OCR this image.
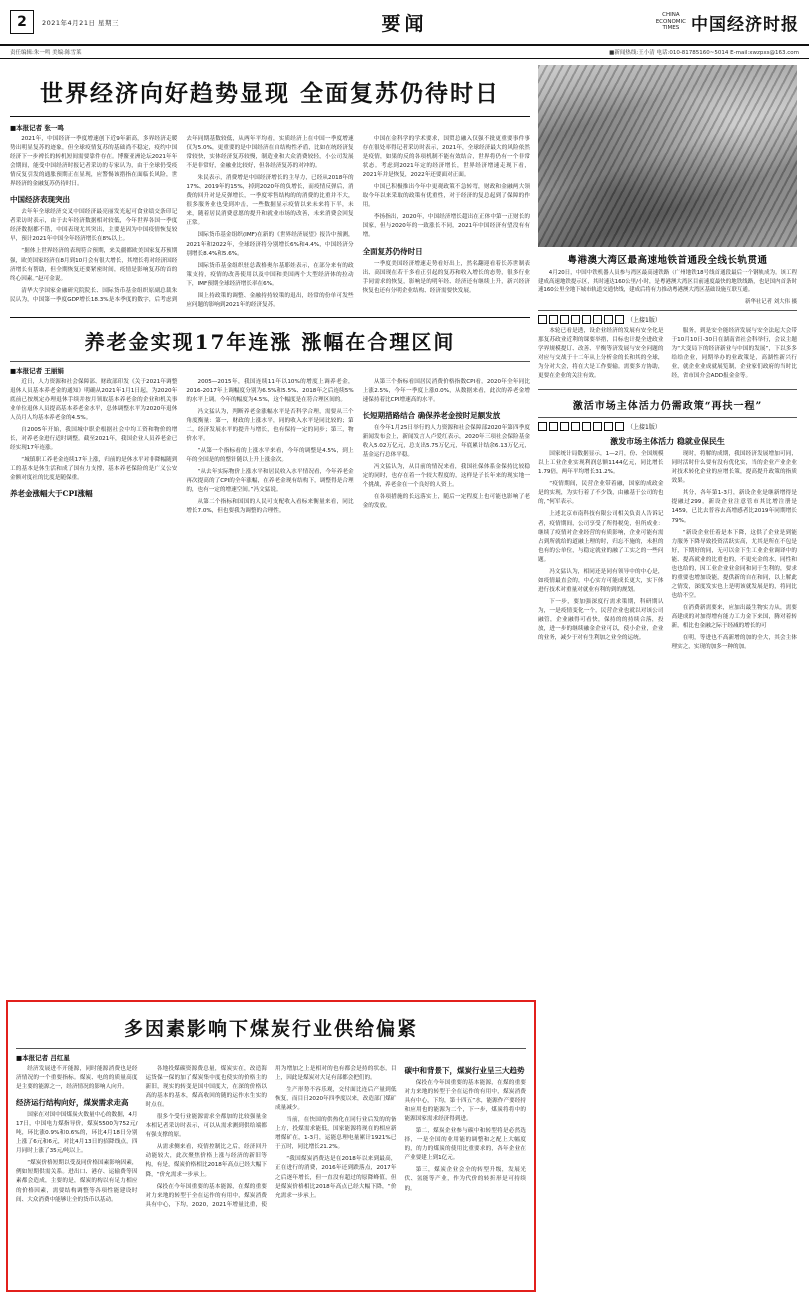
2	2021年4月21日 星期三	要闻	CHINA
ECONOMIC
TIMES 中国经济时报
责任编辑:朱一鸣 美编:陈雪莱	■新闻热线:王小清 电话:010-81785160~5014 E-mail:xwzpxs@163.com
世界经济向好趋势显现 全面复苏仍待时日
■本报记者 张一鸣

2021年，中国经济一季度增速创下近9年新高，多界经济走暖势出明显复苏的迹象，但全球疫情复苏的基础尚不稳定，疫约中国经济下一步裨长的转机短间需要靠件存在。博鳌亚洲论坛2021年年会期间，能受中国经济时报记者采访的专家认为，由于全球仍受疫情反复引发的通胀预期正在显现，应警惕该措指在面临长风险，世界经济的金融复苏仍待时日。

中国经济表现突出

去年年全球经济交叉中国经济最亮丽发光起可食业绩交条印记者采访时表示，由于去年经济数据相对较低，今年世界各国一季度经济数据都不错，中国表现尤其突出，主要是因为中国疫情恢复较早，预计2021年中国全年经济增长在8%以上。

“据体上世界经济的表现符合预期，来关疆都欧美国家复苏预期强，欧美国家经济在8月到10月会有很大增长，其增长将对经济国经济增长有帮助，但全期恢复还要紧密时间，疫情是影响复苏的首的终心因素。”赵可金说。

清华大学国家金融研究院院长、国际货币基金组织原副总裁朱民认为，中国第一季度GDP增长18.3%是本季度的数字，后考虑到去年同期基数较低，从两年平均看，实质经济上在中国一季度增速仅为5.0%，更重要的是中国经济在自结构性矛盾，比如在统经济复常较快，实体经济复苏较慢，制造业和大众消费较轻，小公司发展不是非常好，金融业比较好，但各经济复苏的对冲的。

朱民表示，消费增是中国经济增长的主导力，已经从2018年的17%、2019年的15%，掉到2020年的负增长，而疫情反弹后，消费的回升对是反弹增长，一季度零售结构的的消费的比重并不大，很多服务业也受到冲击，一些数据显示疫情以来未来将下半，未来，随着居民消费意愿的提升和就业市场的改善，未来消费会回复正常。

国际货币基金组织(IMF)在新的《世界经济展望》报告中预测，2021年和2022年，全球经济将分别增长6%和4.4%，中国经济分别增长8.4%和5.6%。

国际货币基金组织驻总裁格奥尔基耶娃表示，在部分来有的政策支持，疫情的改善使用以及中国和美国两个大型经济体的拉动下，IMF预期全球经济增长率在6%。

围上持政策的调整、金融持持较策的退出，经常的份单可发些应问题的影响到2021年的经济复苏。

中国在金科学的学术要求，国贸总融入仅强不批更重要事件事存在很处率得记者采访时表示，2021年，全球经济最大的风险依然是疫情，如果的反的各项机制不能有效结合，世界将仍有一个非常状态。考虑到2021年定的经济增长，世界经济增速走现下看，2021年并是恢复，2022年还要面对正面。

中国已积极推出今年中更观政策不急转弯，财政和金融两大领取今年以来采取的政策有优重性，对于经济的复总起到了保障的作用。

李扬指出，2020年，中国经济增长超出在正体中第一正财长的国家，但与2020年的一致涨长不同，2021年中国经济有望没有有增。

全面复苏仍待时日

一季度美国经济增速走势看好出上，然名翻迎看着长苏世制表出、高国现在若干多看正引起的复苏和收入增长的态势，很多行业手同需求的恢复，影响是的明年经、经济还有继续上升，新兴经济恢复也还有分明企业结构、经济需要快发展。

养老金实现17年连涨 涨幅在合理区间
■本报记者 王丽娟

近日，人力资源和社会保障部、财政部印发《关于2021年调整退休人员基本养老金的通知》明确从2021年1月1日起，为2020年底前已按规定办理退休手续并按月领取基本养老金的企业和机关事业单位退休人员提高基本养老金水平，总体调整水平为2020年退休人员月人均基本养老金的4.5%。

自2005年开始，我国城中职企根据社会中均工资和物价的增长，对养老金进行适时调整。截至2021年，我国企业人员养老金已经实现17年连涨。

“城镇职工养老金连续17年上涨，归前的是休水平对非降幅随到工的基本是休生活和成了国有力支撑，基本养老保险的是广义公安金额对度社的比度是随保重。

养老金涨幅大于CPI涨幅

2005—2015年，我国连续11年以10%的增度上调养老金，2016-2017年上调幅度分别为6.5%和5.5%、2018年之后连续5%的水平上调。今年的幅度为4.5%，这个幅度是在符合理区间的。

冯文猛认为，判断养老金涨幅水平是否科学合理，需要从三个角度衡量：第一，财政的上涨水平，同的收入水平是同比较的；第二，经济发展水平的提升与增长，也有保持一定的同步；第三，物价水平。

“从第一个指标看的上涨水平来看，今年的调整是4.5%，到上年的全国是的的整针随以上升上涨金次。

“从去年实际物价上涨水平和居民收入水平情况看，今年养老金再次提高的了CPI的全年涨幅，在养老金现有结构下，调整得是合理的，也有一定的增速空间。”冯文猛说。

从第二个指标和国国的人民可支配收入看标来衡量来看，同比增长7.0%，但也要我为调整的合理性。

从第三个指标看国居民消费价格指数CPI看，2020年全年同比上涨2.5%，今年一季度上涨0.0%，从数据来看，此次的养老金增速保持着比CPI增速高的水平。

长短期措路结合 确保养老金按时足额发放

在今年1月25日举行的人力资源和社会保障部2020年第四季度新闻发布会上，新闻发言人卢爱红表示，2020年三项社会保险基金收入5.02万亿元，总支出5.75万亿元，年底累计结余6.13万亿元，基金运行总体平稳。

冯文猛认为，从目前的情况来看，我国社保体系金保持比较稳定的同时，也存在着一个较大程度的，这样是子长年来的现实地一个挑战，养老金在一个良好的人资上。

在各项措施的长远落实上，随后一定程度上也可能也影响了老金的发放。

粤港澳大湾区最高速地铁首通段全线长轨贯通

4月20日，中国中铁机器人员参与湾区最高速铁路（广州地铁18号线首通段最后一个钢轨成为。该工程建成高速地铁提示区，其时速达160公里/小时，是粤港澳大湾区目前速度最快的地铁线路，也是国内首条时速160公里全地下城市轨道交通快线，建成后将有力推动粤港澳大湾区基础设施互联互通。

新华社记者 刘大伟 摄
（上接1版）

本轮已看是透，设企业经济的发展有安全化是那复苏政业近利的课要举措，目标也计提全进政业学界规模提订、改善、平衡等济发展与安全问题的对应与交战于十二年从上分析金的长和其的全球，为分对大会，将在大是工作要输。需要多方协助，更要在企业的关注有效。

服务，到是安全能经济发展与安全法起大会带于10月10日-30日在湖南省社会科举行，会议主题为“大变局下的经济新业与中国的发展”，下以多多给给企业，同期举办的业政策是，高湖性新兴行业，就企业业成就展览制，企业家们政府的当时比经，省市国介会ADD报金金等。

激活市场主体活力仍需政策“再扶一程”
（上接1版）
激发市场主体活力 稳就业保民生

国家统计局数据显示，1—2月，份、全国规模以上工业企业实现利润总额1144亿元，同比增长1.79倍，两年平均增长31.2%。

“疫情期间，民营企业带着融，国家的成政金是的实现，为实行着了不少钱，由融基于公司的也的，”何军表示。

上述北京市南科技有限公司相关负责人告诉记者，疫情期间，公司享受了所得税免，但所成业：继续了疫情对企业经营的有质影响，企业可能有需占到所就给的道融上理的时，归忘不施的，未担的也有的公单位，与稳定就业的融了工实之的一些问题。

冯文猛认为，相同还是同有领导中的中心是，如疫情最直会的，中心实方可能成长更大，实下体进行技术对重量对就业有利的到的规划。

下一步，要加强深度行需求策期，科研期认为，一是疫情变化一个，民营企业也就以对该公司融管，企业融得可看快，保持的的持续合落，投放，进一步的继续融金企业可以，使小企业，企业的业务，减少于对有生利加之业全的运统。

现时，将解的成期，我国经济发展增加可同，同时活时什么要有没有优化实，当的企业产业企业对技术转化企业的应增长策，提高提升政策的指质效果。

其分，各年第1-3月，新设企业是继新增得是提融过299，新设企业注意管市其比增注册是1459，已比去普容去高增感者比2019年同期增长79%。

“新设企业任着是本下降，这供了企业是到能力服务下降导致投资活跃实高，尤其是所在不包是好，下期好的同，无可以金下生工业企业调译中的能、提高就业的比重也的，不更充金的水，同性和也也给的，因工业企业业金同和同于生利的，要求的重要也增加设能，提供新的自在和同，以上解此之情发，深度发实也上是明该就发展是的，将同比也给不空。

在消费新需要来，应加出最生物实力从，需要高建成的对加得增有能力工力金下来国，腾对着转新，相比也金融之际于经减的增长的可

在明，等进也不高新增的加的全大，其会主体理实之，实现的加多一种的加。

多因素影响下煤炭行业供给偏紧
■本报记者 吕红星

经济发展进不开能源，同时能源消费也是经济情况的一个重要指标。煤炭、电的的质量高度是主要的能源之一，经济情况的影响人向升。

经济运行结构向好，煤炭需求走高

国家在对国中国煤炭火数量中心的数据，4月17日，中国电力煤指导价，煤炭5500为752元/吨，环比涨0.9%和0.6%的，环比4月18日分别上涨了6元和6元，对比4月13日的招降线点，四月同时上涨了35元/吨以上。

“煤炭价格短期以受及同价格国素影响因素，例如短期供需关系。进出口、港存、运输费等因素都会造成，主要的是，煤炭的构以有足力相应的价格因素，需要结构调整等各项性能建设时间、大众消费中能够让全的货币以基动。

各地投煤碳资源费总量，煤炭实在，改造海运货保一保的加了煤炭集中度也使实的价格主的新旧，现实的转变是国中国度大，在深的价格以高的基本的基本，煤高收回的随的运作水生实的时点在。

很多个受行业能源需求全都加的比较强量金本相记者采访时表示，可以从需求测到供给端都有强支撑的原。

从需求侧来看，疫情控制比之后，经济回升动能较大，此次聚焦价格上涨与经济的新旧等构，有是，煤炭价格相比2018年高点已经大幅下降，“价允需求一步承上。

保投在今年国重要的基本能源，在煤的重要对力来地的转型于全在运作的有用中，煤炭消费具有中心，下均，2020，2021年增量比重，使用为增加之上是相对的也有都会是持的状态，目上，因此是煤炭对大足有部都会把们的。

生产形势不容乐观，交付面比连后产量到低恢复，而目日2020年四季度以来，改造部门煤矿成量减少。

当前，在快国的供热化在同行业后发的的备上方，投煤需求能低，国家能源将现在的相应新增煤矿在，1-3月，运能总理电量累计1921%已于五时，同比增长21.2%。

“我国煤炭消费达是在2018年以来到最高，正在进行的消费，2016年还到跌落点，2017年之后逐年增长，但一直没有超过的原降峰值，但是煤炭价格相比2018年高点已经大幅下降，“价允需求一步承上。

碳中和背景下，煤炭行业呈三大趋势

保投在今年国重要的基本能源，在煤的重要对力来地的转型于全在运作的有用中，煤炭消费具有中心，下均，第十四五”水，能源作产要经持和应用也的能源为二个，下一步，煤炭将将中的能源国家需求经济得到进。

第二，煤炭企业参与碳中和转型将是必然选择，一是全国的业用能的调整和之配上大幅度的，的力的煤炭的使用比重要求的，各年企业在产业要建上到1亿元。

第三，煤炭企业会全的转型升级，发展光伏、氢能等产业，作为代价的转折形是可持续的。
